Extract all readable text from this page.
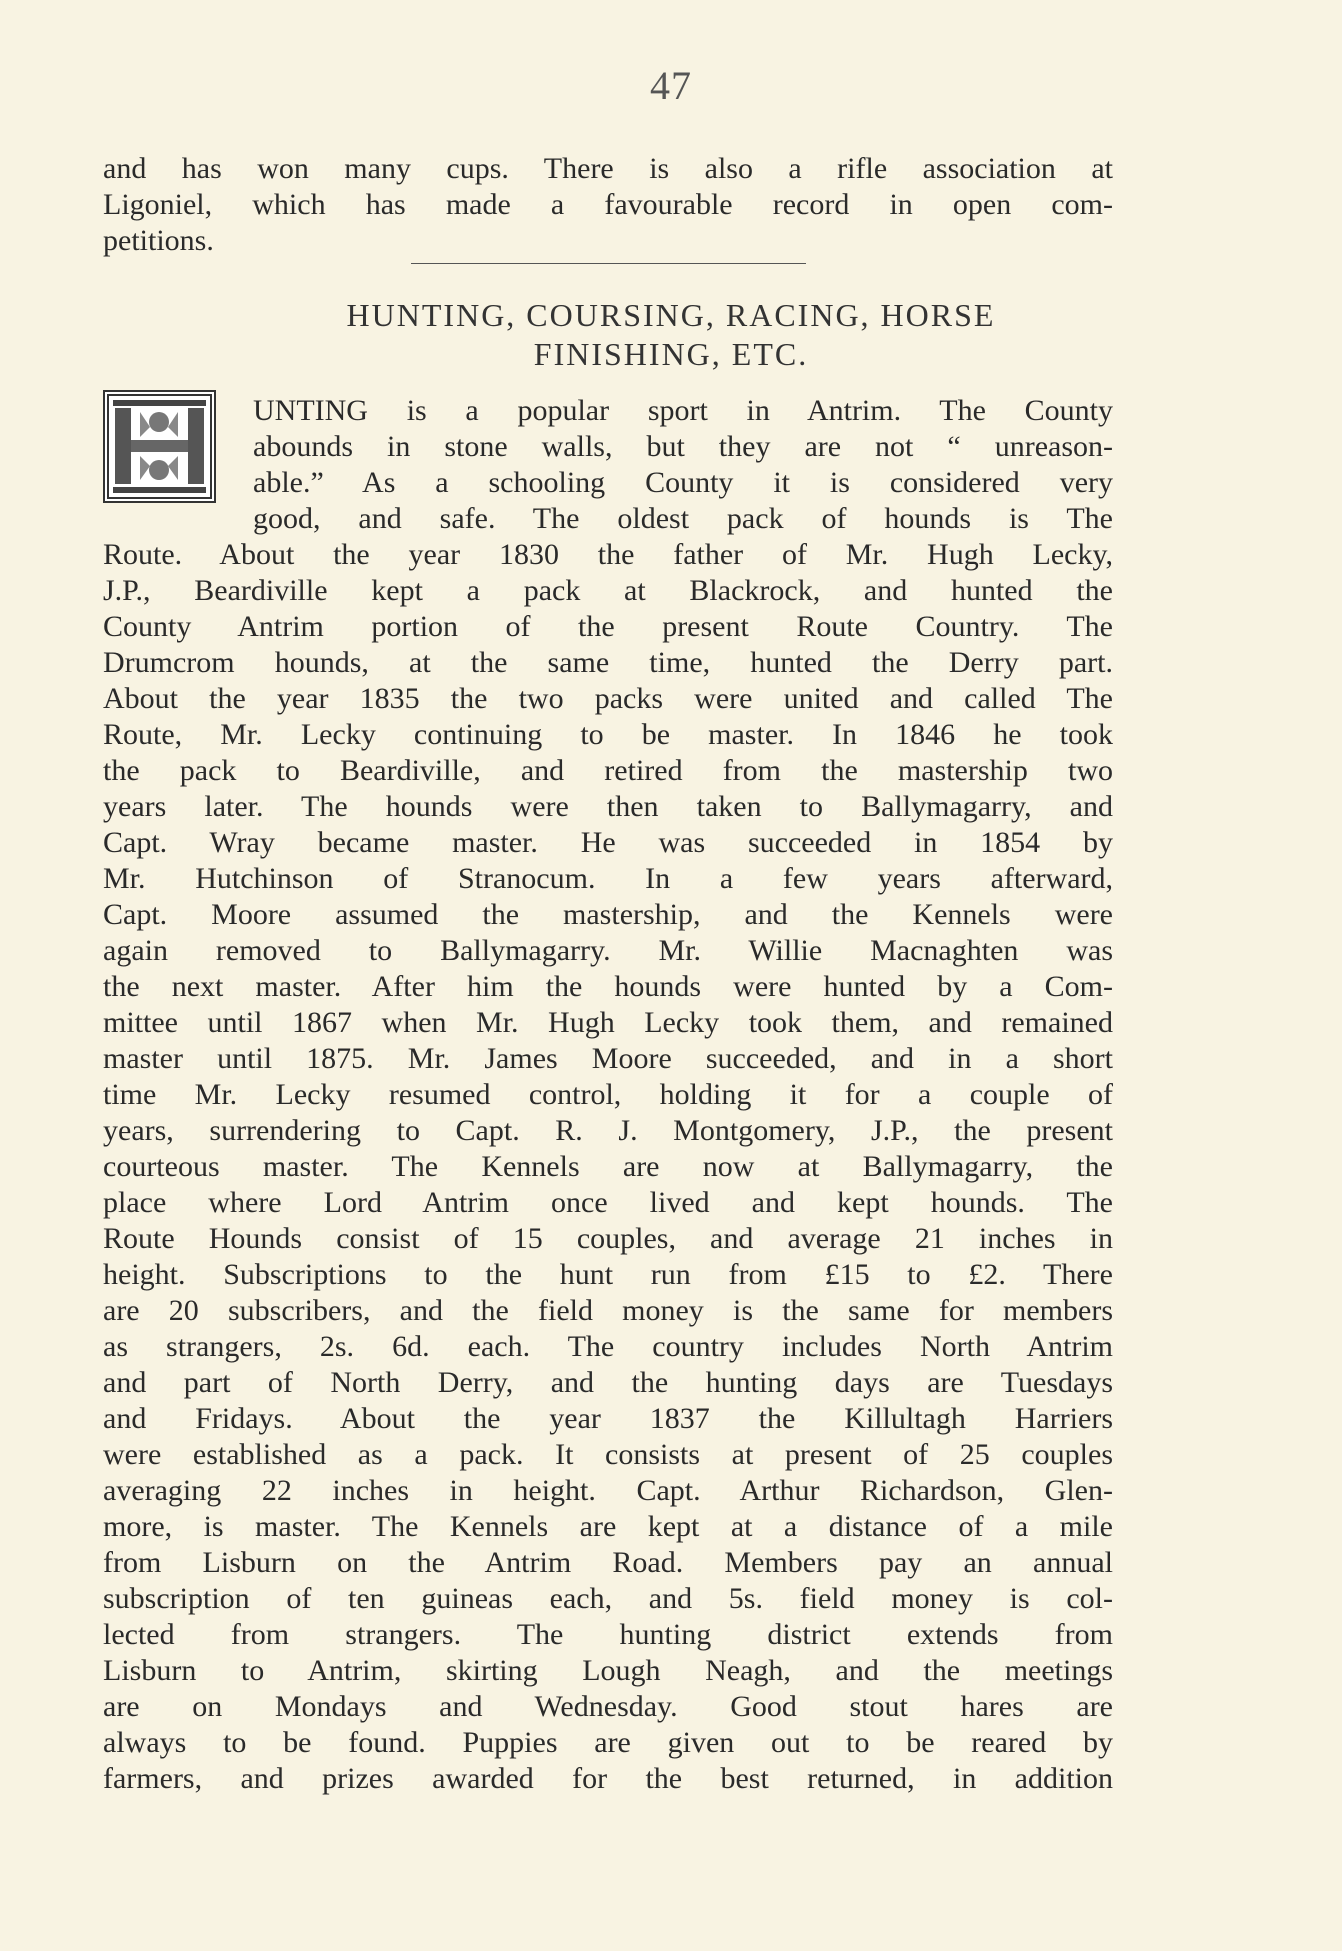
47
and has won many cups. There is also a rifle association at
Ligoniel, which has made a favourable record in open com-
petitions.
HUNTING, COURSING, RACING, HORSE
FINISHING, ETC.
UNTING is a popular sport in Antrim. The County
abounds in stone walls, but they are not “ unreason-
able.” As a schooling County it is considered very
good, and safe. The oldest pack of hounds is The
Route. About the year 1830 the father of Mr. Hugh Lecky,
J.P., Beardiville kept a pack at Blackrock, and hunted the
County Antrim portion of the present Route Country. The
Drumcrom hounds, at the same time, hunted the Derry part.
About the year 1835 the two packs were united and called The
Route, Mr. Lecky continuing to be master. In 1846 he took
the pack to Beardiville, and retired from the mastership two
years later. The hounds were then taken to Ballymagarry, and
Capt. Wray became master. He was succeeded in 1854 by
Mr. Hutchinson of Stranocum. In a few years afterward,
Capt. Moore assumed the mastership, and the Kennels were
again removed to Ballymagarry. Mr. Willie Macnaghten was
the next master. After him the hounds were hunted by a Com-
mittee until 1867 when Mr. Hugh Lecky took them, and remained
master until 1875. Mr. James Moore succeeded, and in a short
time Mr. Lecky resumed control, holding it for a couple of
years, surrendering to Capt. R. J. Montgomery, J.P., the present
courteous master. The Kennels are now at Ballymagarry, the
place where Lord Antrim once lived and kept hounds. The
Route Hounds consist of 15 couples, and average 21 inches in
height. Subscriptions to the hunt run from £15 to £2. There
are 20 subscribers, and the field money is the same for members
as strangers, 2s. 6d. each. The country includes North Antrim
and part of North Derry, and the hunting days are Tuesdays
and Fridays. About the year 1837 the Killultagh Harriers
were established as a pack. It consists at present of 25 couples
averaging 22 inches in height. Capt. Arthur Richardson, Glen-
more, is master. The Kennels are kept at a distance of a mile
from Lisburn on the Antrim Road. Members pay an annual
subscription of ten guineas each, and 5s. field money is col-
lected from strangers. The hunting district extends from
Lisburn to Antrim, skirting Lough Neagh, and the meetings
are on Mondays and Wednesday. Good stout hares are
always to be found. Puppies are given out to be reared by
farmers, and prizes awarded for the best returned, in addition
